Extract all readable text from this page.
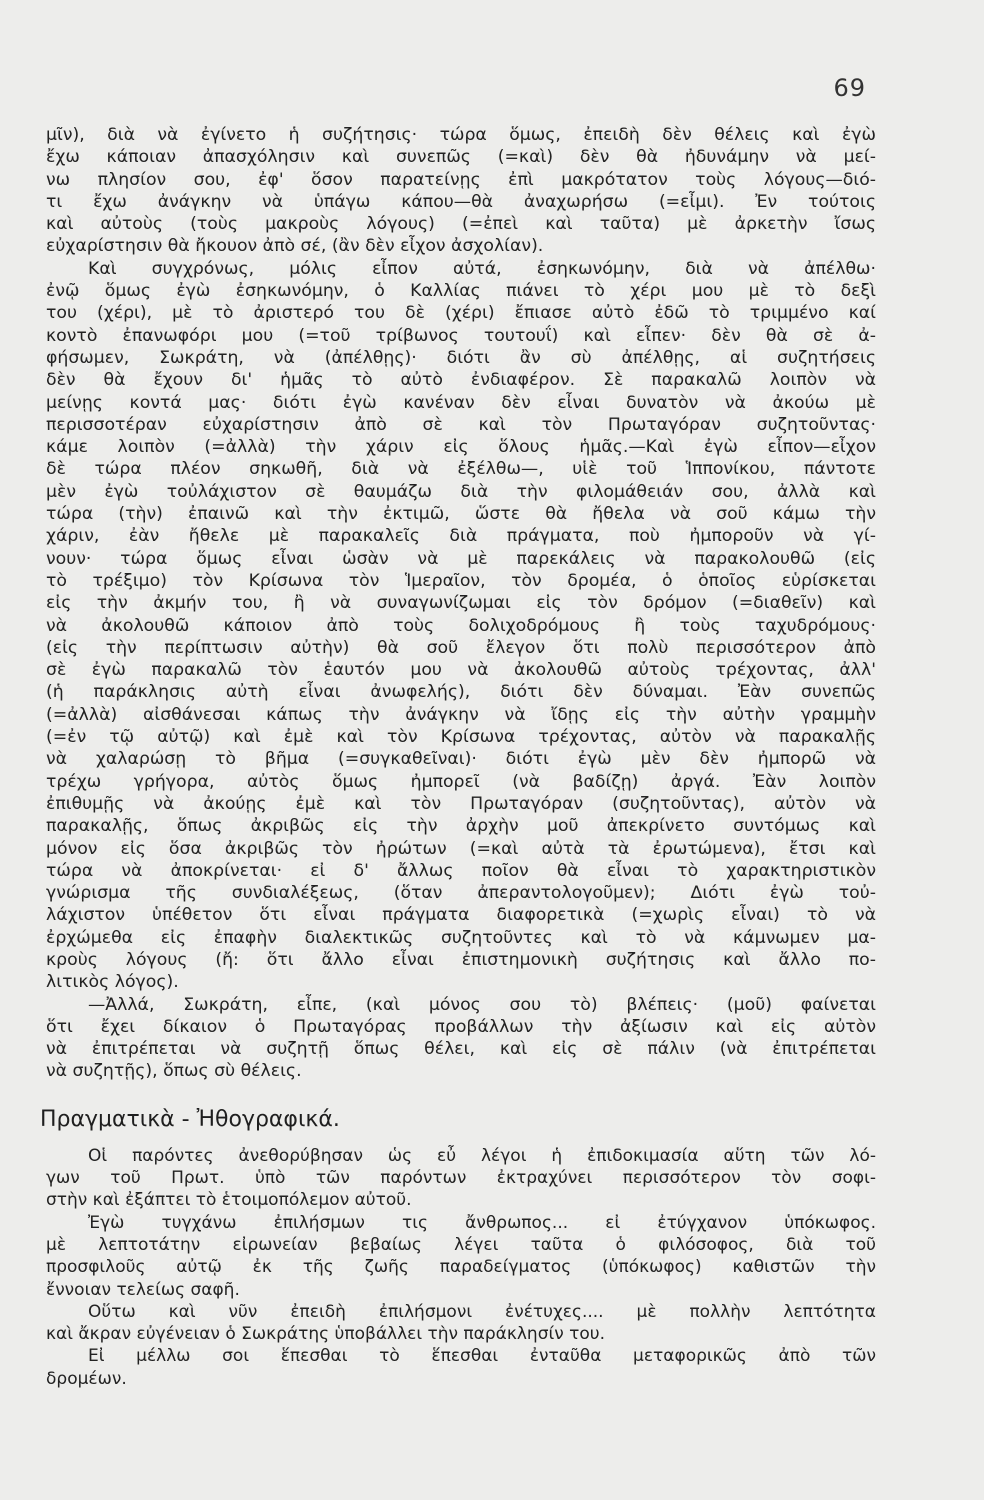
69
μῖν), διὰ νὰ ἐγίνετο ἡ συζήτησις· τώρα ὅμως, ἐπειδὴ δὲν θέλεις καὶ ἐγὼ
ἔχω κάποιαν ἀπασχόλησιν καὶ συνεπῶς (=καὶ) δὲν θὰ ἠδυνάμην νὰ μεί-
νω πλησίον σου, ἐφ' ὅσον παρατείνῃς ἐπὶ μακρότατον τοὺς λόγους—διό-
τι ἔχω ἀνάγκην νὰ ὑπάγω κάπου—θὰ ἀναχωρήσω (=εἶμι). Ἐν τούτοις
καὶ αὐτοὺς (τοὺς μακροὺς λόγους) (=ἐπεὶ καὶ ταῦτα) μὲ ἀρκετὴν ἴσως
εὐχαρίστησιν θὰ ἤκουον ἀπὸ σέ, (ἂν δὲν εἶχον ἀσχολίαν).
Καὶ συγχρόνως, μόλις εἶπον αὐτά, ἐσηκωνόμην, διὰ νὰ ἀπέλθω·
ἐνῷ ὅμως ἐγὼ ἐσηκωνόμην, ὁ Καλλίας πιάνει τὸ χέρι μου μὲ τὸ δεξὶ
του (χέρι), μὲ τὸ ἀριστερό του δὲ (χέρι) ἔπιασε αὐτὸ ἐδῶ τὸ τριμμένο καί
κοντὸ ἐπανωφόρι μου (=τοῦ τρίβωνος τουτουΐ) καὶ εἶπεν· δὲν θὰ σὲ ἀ-
φήσωμεν, Σωκράτη, νὰ (ἀπέλθῃς)· διότι ἂν σὺ ἀπέλθῃς, αἱ συζητήσεις
δὲν θὰ ἔχουν δι' ἡμᾶς τὸ αὐτὸ ἐνδιαφέρον. Σὲ παρακαλῶ λοιπὸν νὰ
μείνῃς κοντά μας· διότι ἐγὼ κανέναν δὲν εἶναι δυνατὸν νὰ ἀκούω μὲ
περισσοτέραν εὐχαρίστησιν ἀπὸ σὲ καὶ τὸν Πρωταγόραν συζητοῦντας·
κάμε λοιπὸν (=ἀλλὰ) τὴν χάριν εἰς ὅλους ἡμᾶς.—Καὶ ἐγὼ εἶπον—εἶχον
δὲ τώρα πλέον σηκωθῆ, διὰ νὰ ἐξέλθω—, υἱὲ τοῦ Ἱππονίκου, πάντοτε
μὲν ἐγὼ τοὐλάχιστον σὲ θαυμάζω διὰ τὴν φιλομάθειάν σου, ἀλλὰ καὶ
τώρα (τὴν) ἐπαινῶ καὶ τὴν ἐκτιμῶ, ὥστε θὰ ἤθελα νὰ σοῦ κάμω τὴν
χάριν, ἐὰν ἤθελε μὲ παρακαλεῖς διὰ πράγματα, ποὺ ἠμποροῦν νὰ γί-
νουν· τώρα ὅμως εἶναι ὡσὰν νὰ μὲ παρεκάλεις νὰ παρακολουθῶ (εἰς
τὸ τρέξιμο) τὸν Κρίσωνα τὸν Ἱμεραῖον, τὸν δρομέα, ὁ ὁποῖος εὑρίσκεται
εἰς τὴν ἀκμήν του, ἢ νὰ συναγωνίζωμαι εἰς τὸν δρόμον (=διαθεῖν) καὶ
νὰ ἀκολουθῶ κάποιον ἀπὸ τοὺς δολιχοδρόμους ἢ τοὺς ταχυδρόμους·
(εἰς τὴν περίπτωσιν αὐτὴν) θὰ σοῦ ἔλεγον ὅτι πολὺ περισσότερον ἀπὸ
σὲ ἐγὼ παρακαλῶ τὸν ἑαυτόν μου νὰ ἀκολουθῶ αὐτοὺς τρέχοντας, ἀλλ'
(ἡ παράκλησις αὐτὴ εἶναι ἀνωφελής), διότι δὲν δύναμαι. Ἐὰν συνεπῶς
(=ἀλλὰ) αἰσθάνεσαι κάπως τὴν ἀνάγκην νὰ ἴδῃς εἰς τὴν αὐτὴν γραμμὴν
(=ἐν τῷ αὐτῷ) καὶ ἐμὲ καὶ τὸν Κρίσωνα τρέχοντας, αὐτὸν νὰ παρακαλῇς
νὰ χαλαρώσῃ τὸ βῆμα (=συγκαθεῖναι)· διότι ἐγὼ μὲν δὲν ἠμπορῶ νὰ
τρέχω γρήγορα, αὐτὸς ὅμως ἠμπορεῖ (νὰ βαδίζῃ) ἀργά. Ἐὰν λοιπὸν
ἐπιθυμῇς νὰ ἀκούῃς ἐμὲ καὶ τὸν Πρωταγόραν (συζητοῦντας), αὐτὸν νὰ
παρακαλῇς, ὅπως ἀκριβῶς εἰς τὴν ἀρχὴν μοῦ ἀπεκρίνετο συντόμως καὶ
μόνον εἰς ὅσα ἀκριβῶς τὸν ἠρώτων (=καὶ αὐτὰ τὰ ἐρωτώμενα), ἔτσι καὶ
τώρα νὰ ἀποκρίνεται· εἰ δ' ἄλλως ποῖον θὰ εἶναι τὸ χαρακτηριστικὸν
γνώρισμα τῆς συνδιαλέξεως, (ὅταν ἀπεραντολογοῦμεν); Διότι ἐγὼ τοὐ-
λάχιστον ὑπέθετον ὅτι εἶναι πράγματα διαφορετικὰ (=χωρὶς εἶναι) τὸ νὰ
ἐρχώμεθα εἰς ἐπαφὴν διαλεκτικῶς συζητοῦντες καὶ τὸ νὰ κάμνωμεν μα-
κροὺς λόγους (ἤ: ὅτι ἄλλο εἶναι ἐπιστημονικὴ συζήτησις καὶ ἄλλο πο-
λιτικὸς λόγος).
—Ἀλλά, Σωκράτη, εἶπε, (καὶ μόνος σου τὸ) βλέπεις· (μοῦ) φαίνεται
ὅτι ἔχει δίκαιον ὁ Πρωταγόρας προβάλλων τὴν ἀξίωσιν καὶ εἰς αὐτὸν
νὰ ἐπιτρέπεται νὰ συζητῇ ὅπως θέλει, καὶ εἰς σὲ πάλιν (νὰ ἐπιτρέπεται
νὰ συζητῇς), ὅπως σὺ θέλεις.
Πραγματικὰ - Ἠθογραφικά.
Οἱ παρόντες ἀνεθορύβησαν ὡς εὖ λέγοι ἡ ἐπιδοκιμασία αὕτη τῶν λό-
γων τοῦ Πρωτ. ὑπὸ τῶν παρόντων ἐκτραχύνει περισσότερον τὸν σοφι-
στὴν καὶ ἐξάπτει τὸ ἑτοιμοπόλεμον αὐτοῦ.
Ἐγὼ τυγχάνω ἐπιλήσμων τις ἄνθρωπος... εἰ ἐτύγχανον ὑπόκωφος.
μὲ λεπτοτάτην εἰρωνείαν βεβαίως λέγει ταῦτα ὁ φιλόσοφος, διὰ τοῦ
προσφιλοῦς αὐτῷ ἐκ τῆς ζωῆς παραδείγματος (ὑπόκωφος) καθιστῶν τὴν
ἔννοιαν τελείως σαφῆ.
Οὕτω καὶ νῦν ἐπειδὴ ἐπιλήσμονι ἐνέτυχες.... μὲ πολλὴν λεπτότητα
καὶ ἄκραν εὐγένειαν ὁ Σωκράτης ὑποβάλλει τὴν παράκλησίν του.
Εἰ μέλλω σοι ἕπεσθαι τὸ ἕπεσθαι ἐνταῦθα μεταφορικῶς ἀπὸ τῶν
δρομέων.
